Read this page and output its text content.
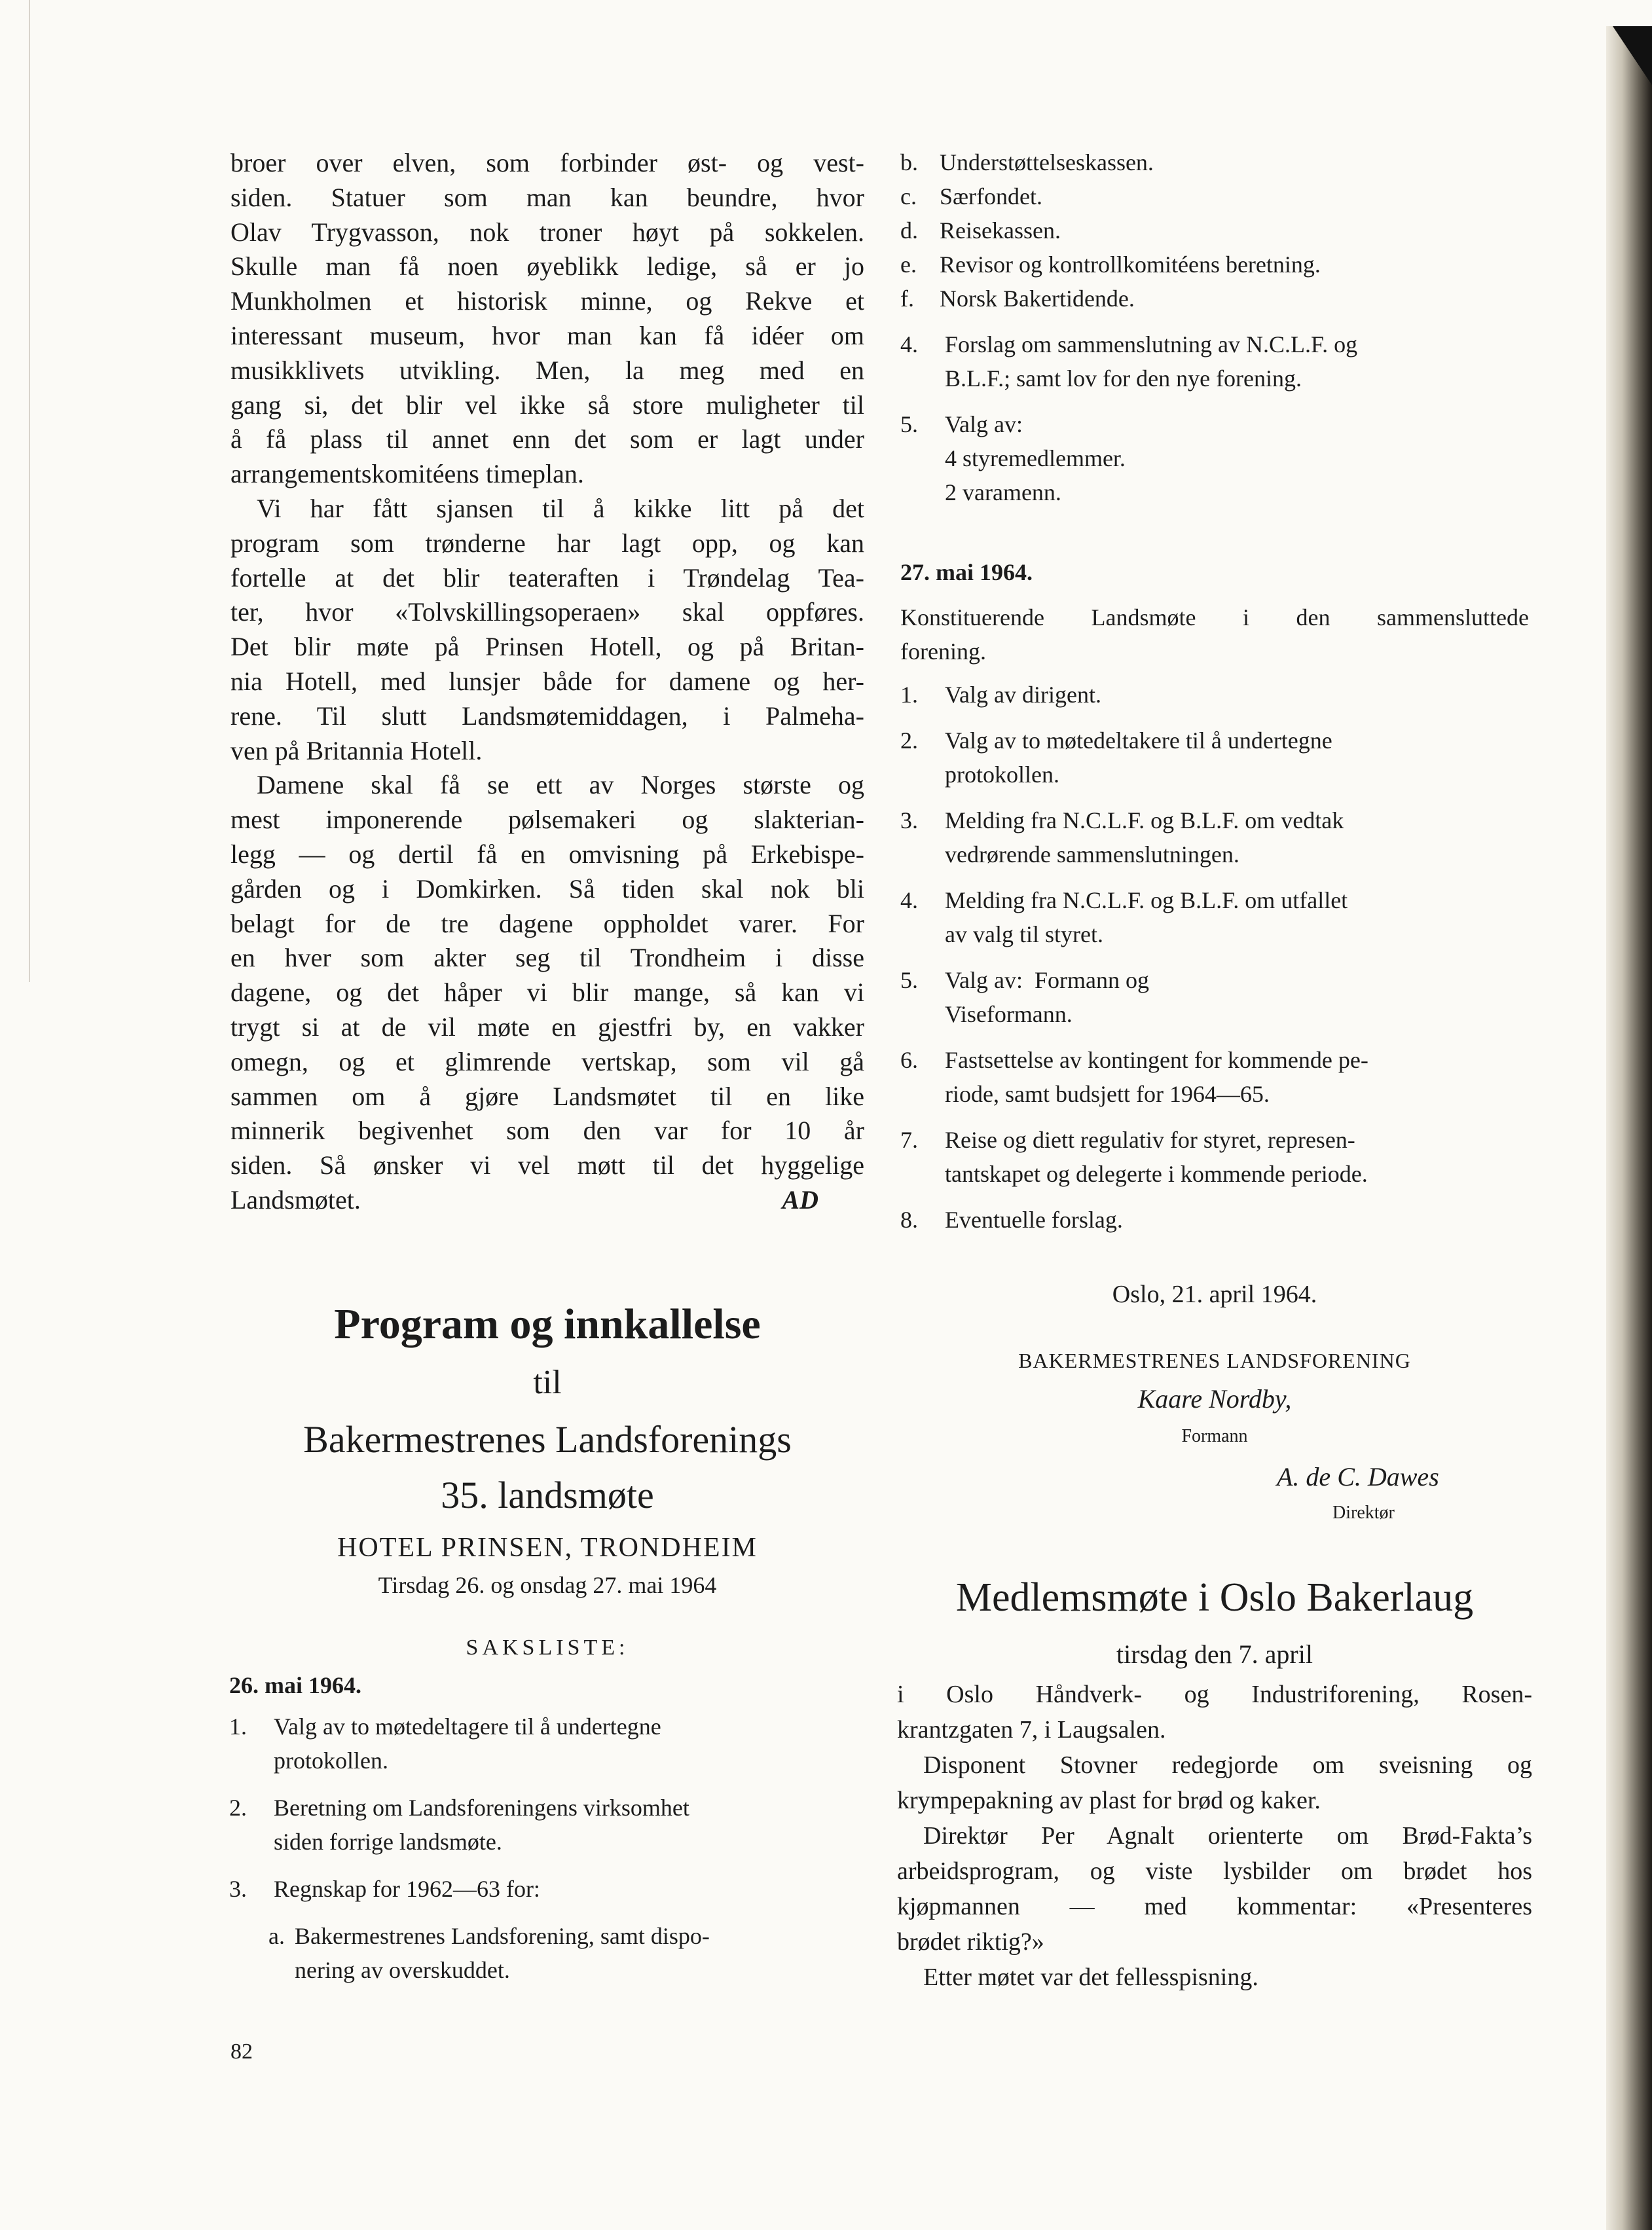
broer over elven, som forbinder øst- og vest-
siden. Statuer som man kan beundre, hvor
Olav Trygvasson, nok troner høyt på sokkelen.
Skulle man få noen øyeblikk ledige, så er jo
Munkholmen et historisk minne, og Rekve et
interessant museum, hvor man kan få idéer om
musikklivets utvikling. Men, la meg med en
gang si, det blir vel ikke så store muligheter til
å få plass til annet enn det som er lagt under
arrangementskomitéens timeplan.
Vi har fått sjansen til å kikke litt på det
program som trønderne har lagt opp, og kan
fortelle at det blir teateraften i Trøndelag Tea-
ter, hvor «Tolvskillingsoperaen» skal oppføres.
Det blir møte på Prinsen Hotell, og på Britan-
nia Hotell, med lunsjer både for damene og her-
rene. Til slutt Landsmøtemiddagen, i Palmeha-
ven på Britannia Hotell.
Damene skal få se ett av Norges største og
mest imponerende pølsemakeri og slakterian-
legg — og dertil få en omvisning på Erkebispe-
gården og i Domkirken. Så tiden skal nok bli
belagt for de tre dagene oppholdet varer. For
en hver som akter seg til Trondheim i disse
dagene, og det håper vi blir mange, så kan vi
trygt si at de vil møte en gjestfri by, en vakker
omegn, og et glimrende vertskap, som vil gå
sammen om å gjøre Landsmøtet til en like
minnerik begivenhet som den var for 10 år
siden. Så ønsker vi vel møtt til det hyggelige
Landsmøtet.	AD
Program og innkallelse
til
Bakermestrenes Landsforenings
35. landsmøte
HOTEL PRINSEN, TRONDHEIM
Tirsdag 26. og onsdag 27. mai 1964
SAKSLISTE:
26. mai 1964.
1. Valg av to møtedeltagere til å undertegne
protokollen.
2. Beretning om Landsforeningens virksomhet
siden forrige landsmøte.
3. Regnskap for 1962—63 for:
a. Bakermestrenes Landsforening, samt dispo-
nering av overskuddet.
82
b. Understøttelseskassen.
c. Særfondet.
d. Reisekassen.
e. Revisor og kontrollkomitéens beretning.
f. Norsk Bakertidende.
4. Forslag om sammenslutning av N.C.L.F. og
B.L.F.; samt lov for den nye forening.
5. Valg av:
4 styremedlemmer.
2 varamenn.
27. mai 1964.
Konstituerende Landsmøte i den sammensluttede
forening.
1. Valg av dirigent.
2. Valg av to møtedeltakere til å undertegne
protokollen.
3. Melding fra N.C.L.F. og B.L.F. om vedtak
vedrørende sammenslutningen.
4. Melding fra N.C.L.F. og B.L.F. om utfallet
av valg til styret.
5. Valg av:  Formann og
Viseformann.
6. Fastsettelse av kontingent for kommende pe-
riode, samt budsjett for 1964—65.
7. Reise og diett regulativ for styret, represen-
tantskapet og delegerte i kommende periode.
8. Eventuelle forslag.
Oslo, 21. april 1964.
BAKERMESTRENES LANDSFORENING
Kaare Nordby,
Formann
A. de C. Dawes
Direktør
Medlemsmøte i Oslo Bakerlaug
tirsdag den 7. april
i Oslo Håndverk- og Industriforening, Rosen-
krantzgaten 7, i Laugsalen.
Disponent Stovner redegjorde om sveisning og
krympepakning av plast for brød og kaker.
Direktør Per Agnalt orienterte om Brød-Fakta’s
arbeidsprogram, og viste lysbilder om brødet hos
kjøpmannen — med kommentar: «Presenteres
brødet riktig?»
Etter møtet var det fellesspisning.
